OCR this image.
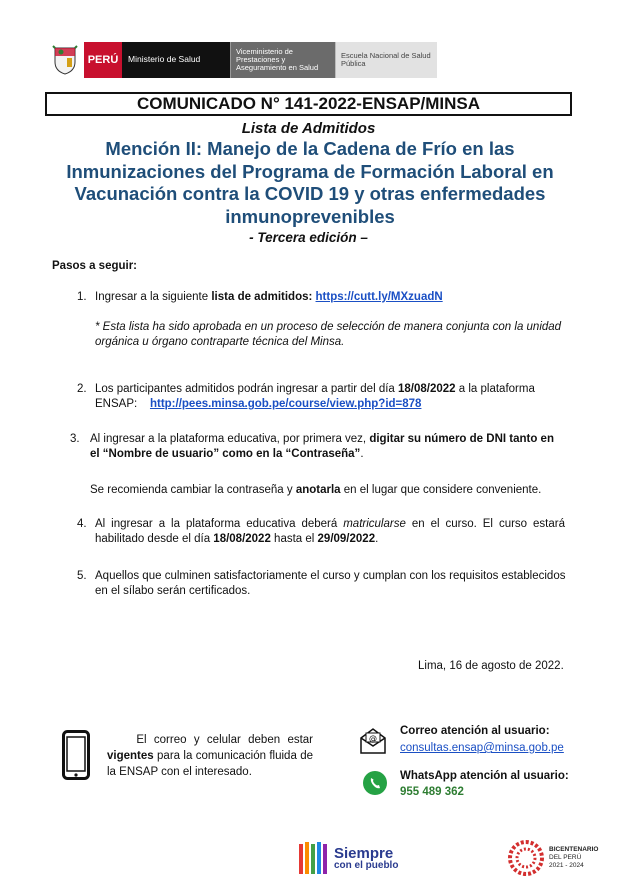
PERÚ	Ministerio de Salud
Viceministerio de Prestaciones y Aseguramiento en Salud
Escuela Nacional de Salud Pública
COMUNICADO N° 141-2022-ENSAP/MINSA
Lista de Admitidos
Mención II: Manejo de la Cadena de Frío en las Inmunizaciones del Programa de Formación Laboral en Vacunación contra la COVID 19 y otras enfermedades inmunoprevenibles
- Tercera edición –
Pasos a seguir:
1. Ingresar a la siguiente lista de admitidos: https://cutt.ly/MXzuadN
* Esta lista ha sido aprobada en un proceso de selección de manera conjunta con la unidad orgánica u órgano contraparte técnica del Minsa.
2. Los participantes admitidos podrán ingresar a partir del día 18/08/2022 a la plataforma
ENSAP: http://pees.minsa.gob.pe/course/view.php?id=878
3. Al ingresar a la plataforma educativa, por primera vez, digitar su número de DNI tanto en el “Nombre de usuario” como en la “Contraseña”.
Se recomienda cambiar la contraseña y anotarla en el lugar que considere conveniente.
4. Al ingresar a la plataforma educativa deberá matricularse en el curso. El curso estará habilitado desde el día 18/08/2022 hasta el 29/09/2022.
5. Aquellos que culminen satisfactoriamente el curso y cumplan con los requisitos establecidos en el sílabo serán certificados.
Lima, 16 de agosto de 2022.
El correo y celular deben estar vigentes para la comunicación fluida de la ENSAP con el interesado.
@
Correo atención al usuario:
consultas.ensap@minsa.gob.pe
WhatsApp atención al usuario:
955 489 362
Siempre
con el pueblo
BICENTENARIO
DEL PERÚ
2021 - 2024
